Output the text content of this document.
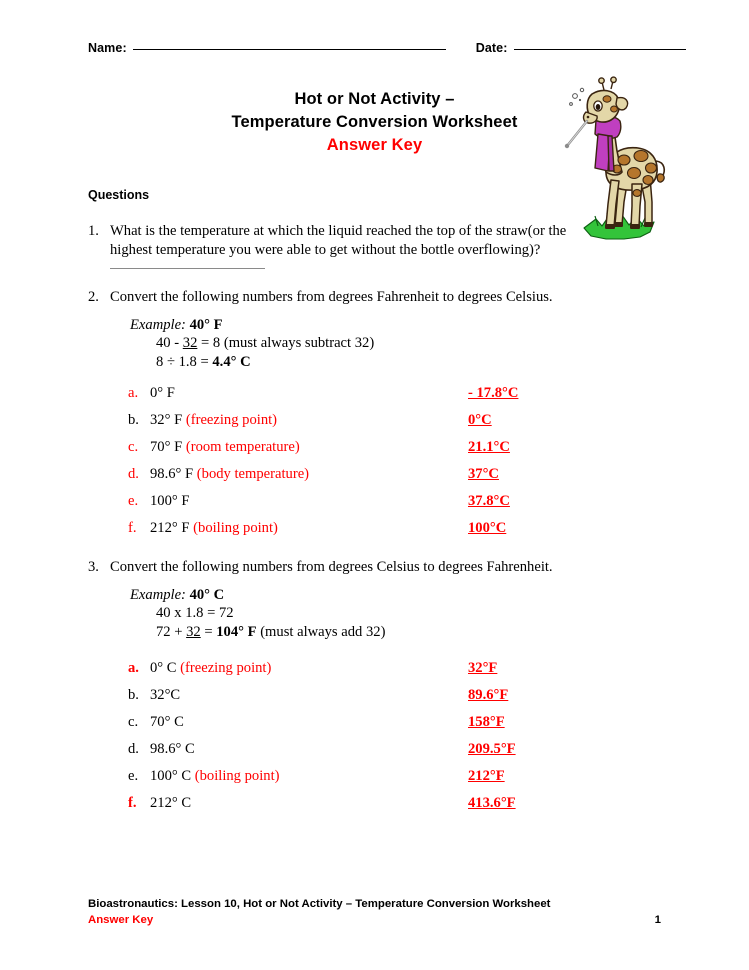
Name:	Date:
Hot or Not Activity –
Temperature Conversion Worksheet
Answer Key
Questions
1. What is the temperature at which the liquid reached the top of the straw(or the highest temperature you were able to get without the bottle overflowing)?
2. Convert the following numbers from degrees Fahrenheit to degrees Celsius.
Example: 40° F
40 - 32 = 8 (must always subtract 32)
8 ÷ 1.8 = 4.4° C
a. 0° F	- 17.8°C
b. 32° F (freezing point)	0°C
c. 70° F (room temperature)	21.1°C
d. 98.6° F (body temperature)	37°C
e. 100° F	37.8°C
f. 212° F (boiling point)	100°C
3. Convert the following numbers from degrees Celsius to degrees Fahrenheit.
Example: 40° C
40 x 1.8 = 72
72 + 32 = 104° F (must always add 32)
a. 0° C (freezing point)	32°F
b. 32°C	89.6°F
c. 70° C	158°F
d. 98.6° C	209.5°F
e. 100° C (boiling point)	212°F
f. 212° C	413.6°F
Bioastronautics: Lesson 10, Hot or Not Activity – Temperature Conversion Worksheet
Answer Key	1
